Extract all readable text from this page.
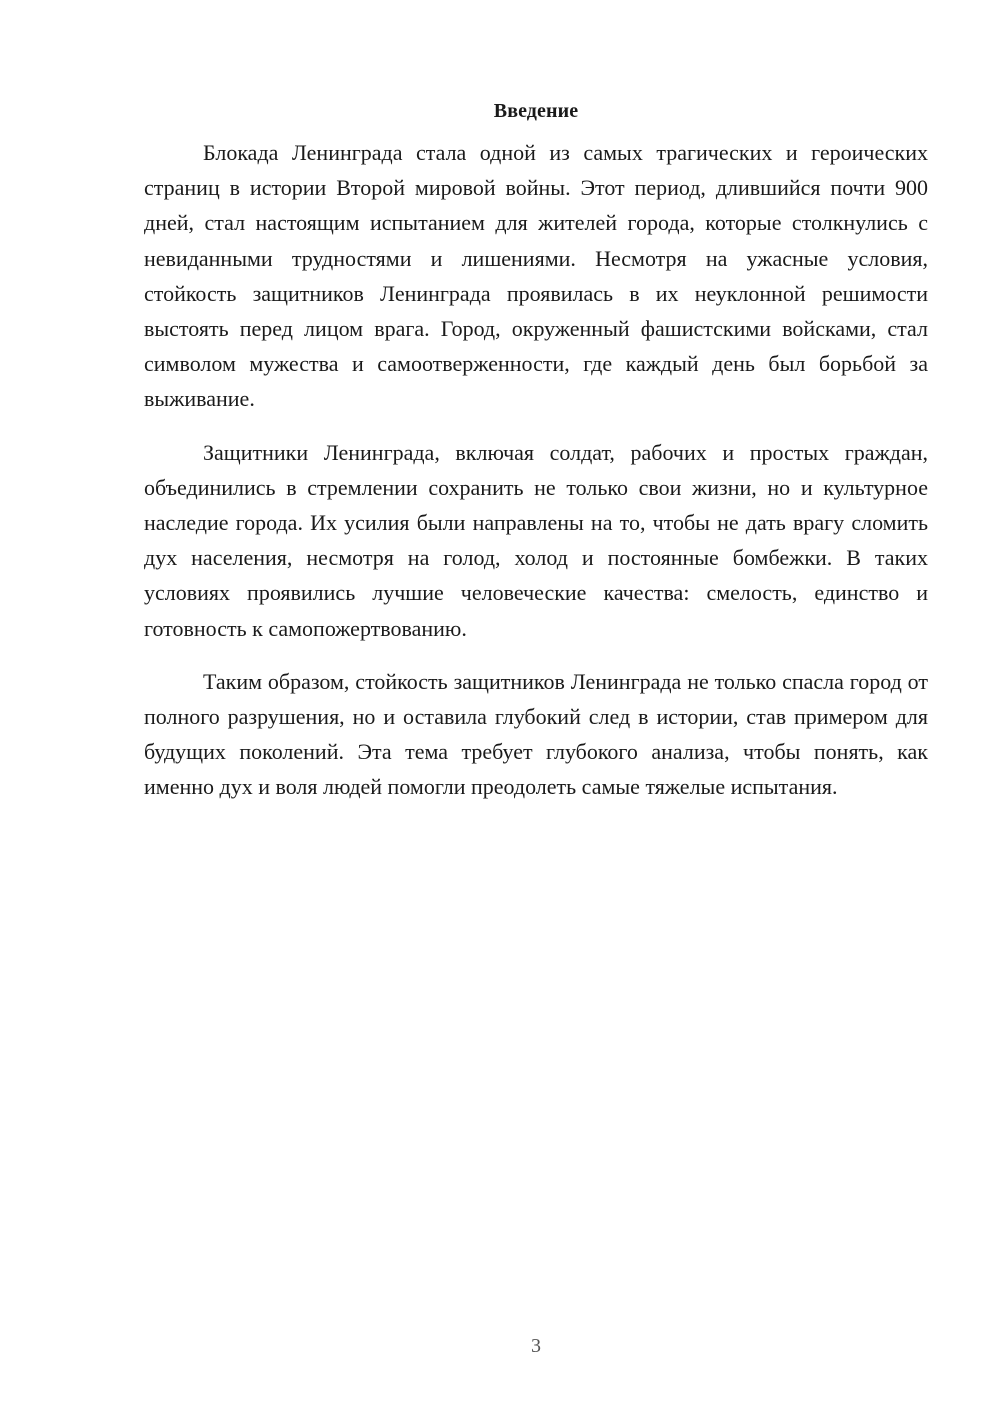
Введение

Блокада Ленинграда стала одной из самых трагических и героических страниц в истории Второй мировой войны. Этот период, длившийся почти 900 дней, стал настоящим испытанием для жителей города, которые столкнулись с невиданными трудностями и лишениями. Несмотря на ужасные условия, стойкость защитников Ленинграда проявилась в их неуклонной решимости выстоять перед лицом врага. Город, окруженный фашистскими войсками, стал символом мужества и самоотверженности, где каждый день был борьбой за выживание.

Защитники Ленинграда, включая солдат, рабочих и простых граждан, объединились в стремлении сохранить не только свои жизни, но и культурное наследие города. Их усилия были направлены на то, чтобы не дать врагу сломить дух населения, несмотря на голод, холод и постоянные бомбежки. В таких условиях проявились лучшие человеческие качества: смелость, единство и готовность к самопожертвованию.

Таким образом, стойкость защитников Ленинграда не только спасла город от полного разрушения, но и оставила глубокий след в истории, став примером для будущих поколений. Эта тема требует глубокого анализа, чтобы понять, как именно дух и воля людей помогли преодолеть самые тяжелые испытания.

3
